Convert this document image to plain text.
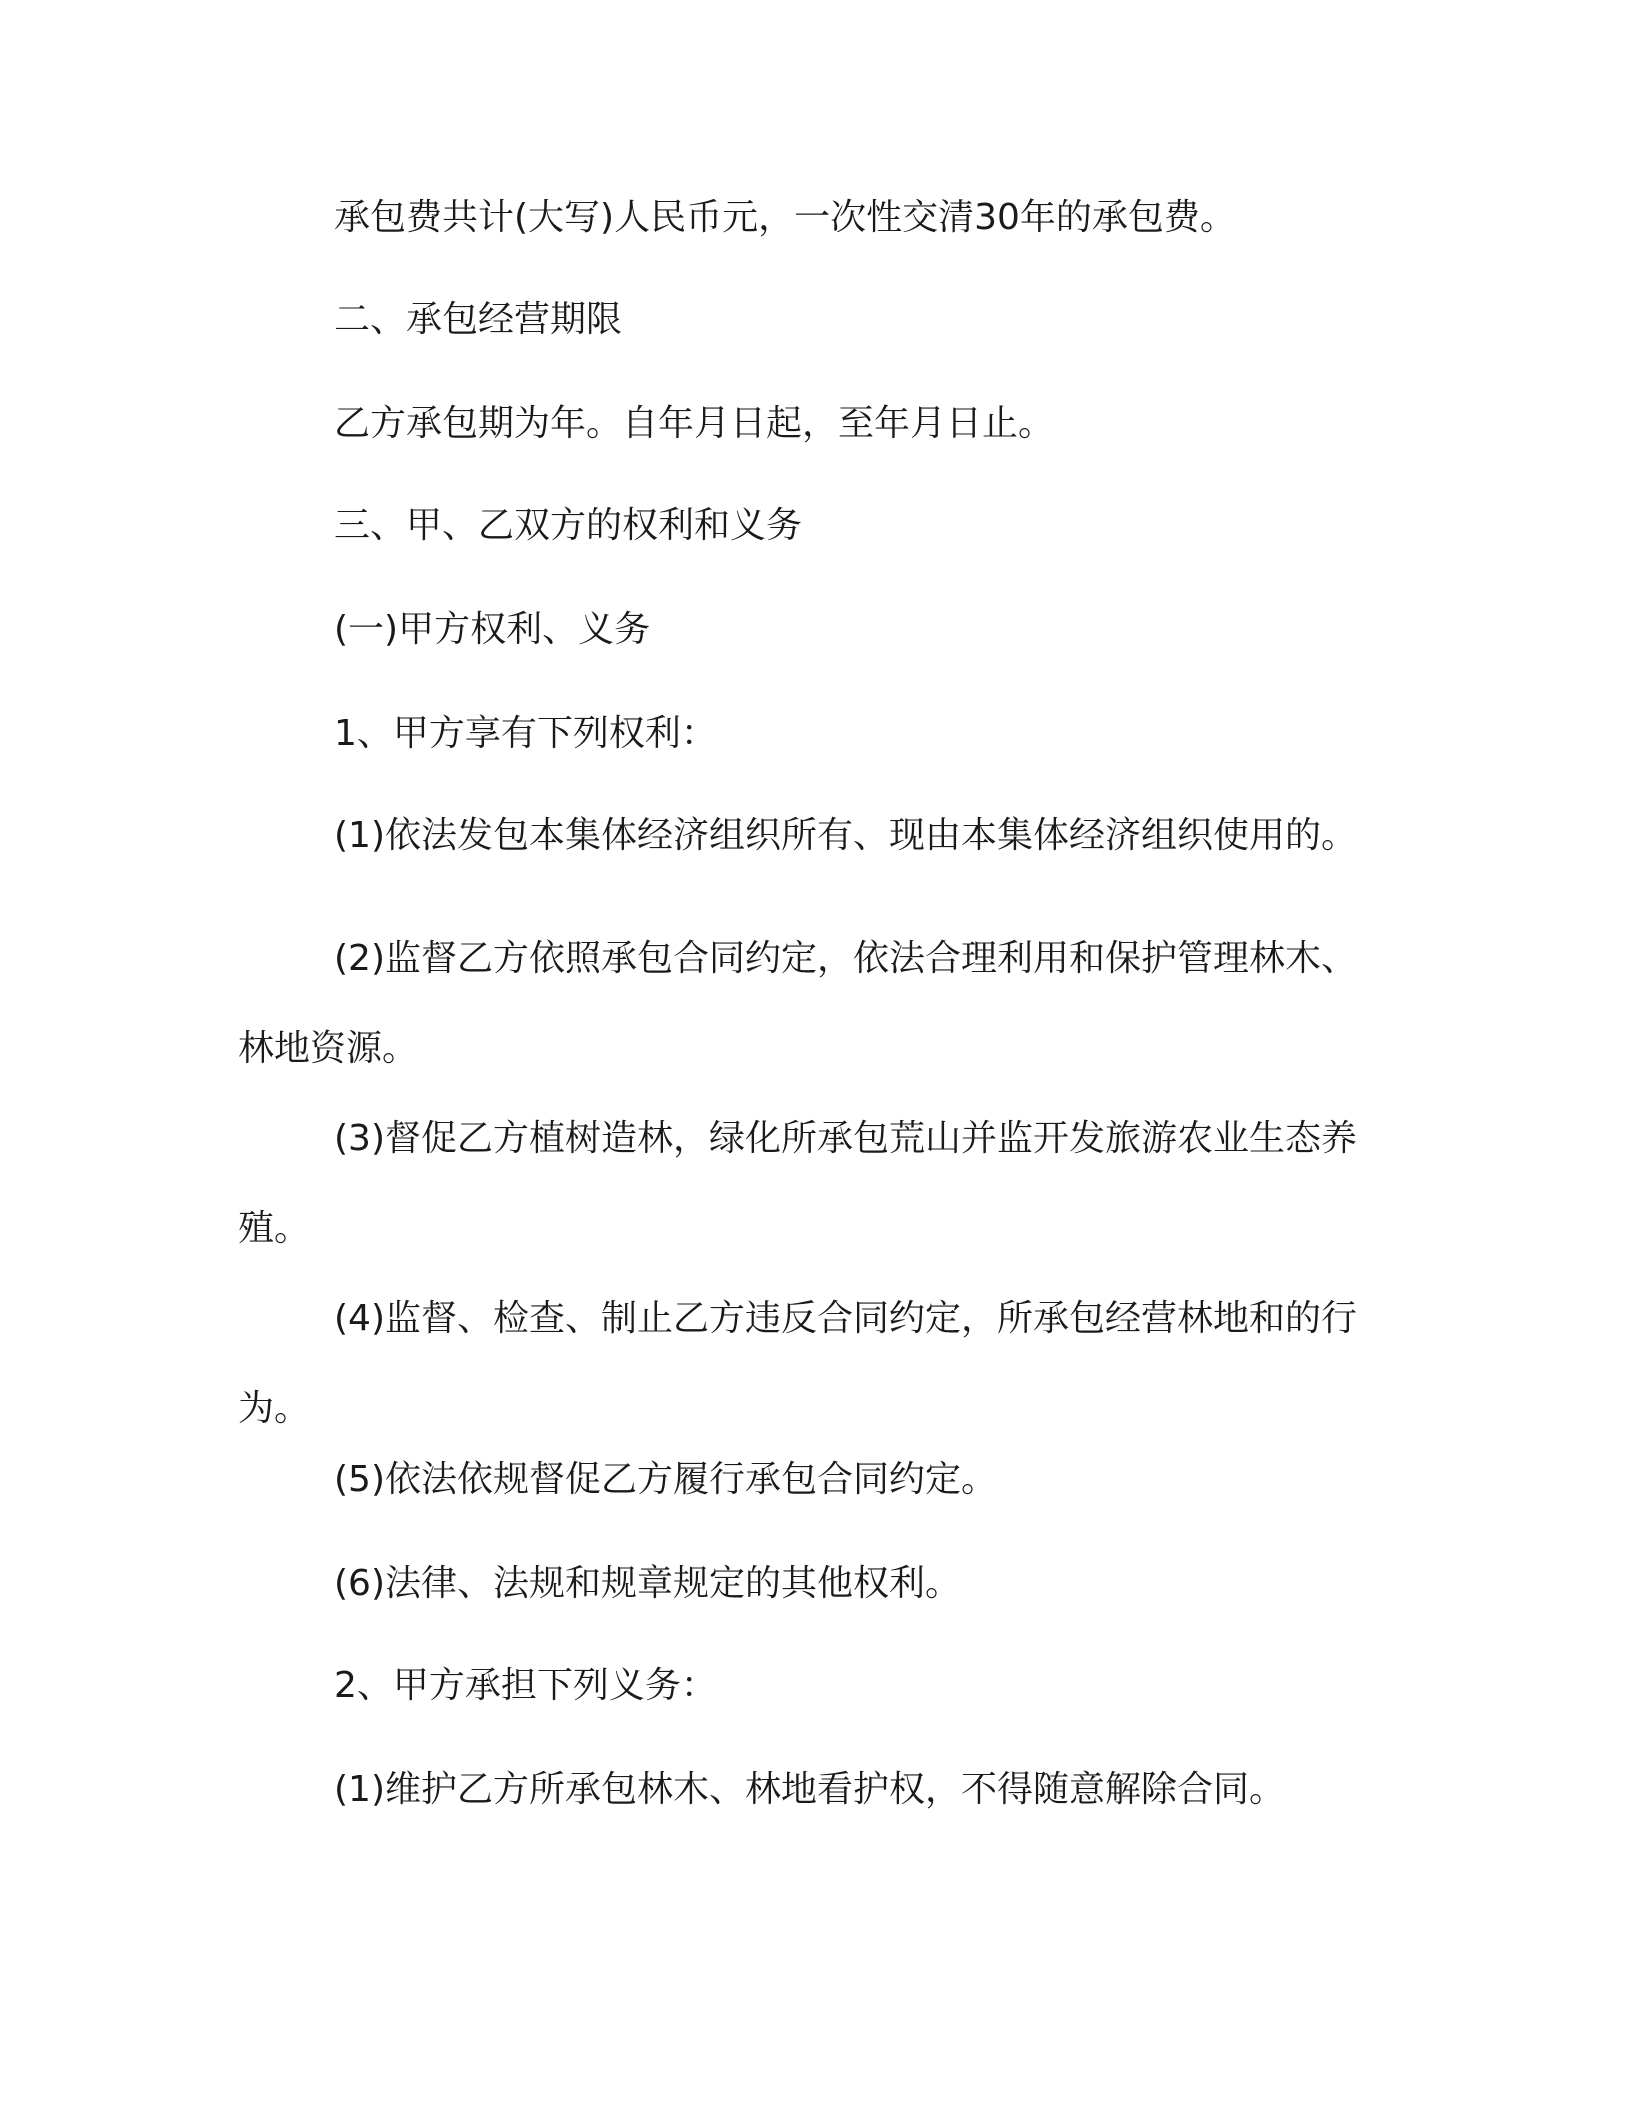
承包费共计(大写)人民币元，一次性交清30年的承包费。
二、承包经营期限
乙方承包期为年。自年月日起，至年月日止。
三、甲、乙双方的权利和义务
(一)甲方权利、义务
1、甲方享有下列权利：
(1)依法发包本集体经济组织所有、现由本集体经济组织使用的。
(2)监督乙方依照承包合同约定，依法合理利用和保护管理林木、林地资源。
(3)督促乙方植树造林，绿化所承包荒山并监开发旅游农业生态养殖。
(4)监督、检查、制止乙方违反合同约定，所承包经营林地和的行为。
(5)依法依规督促乙方履行承包合同约定。
(6)法律、法规和规章规定的其他权利。
2、甲方承担下列义务：
(1)维护乙方所承包林木、林地看护权，不得随意解除合同。
